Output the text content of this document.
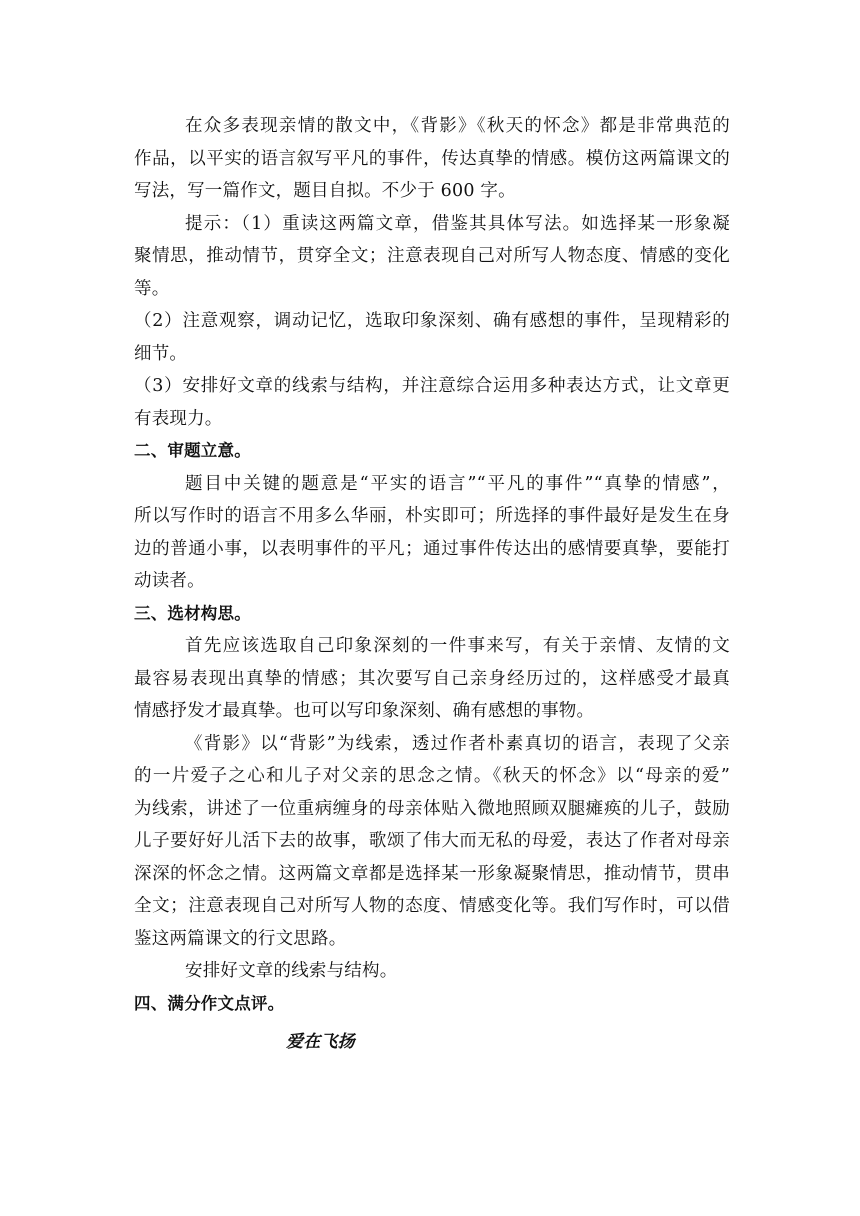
在众多表现亲情的散文中，《背影》《秋天的怀念》都是非常典范的
作品，以平实的语言叙写平凡的事件，传达真挚的情感。模仿这两篇课文的
写法，写一篇作文，题目自拟。不少于 600 字。
提示：（1）重读这两篇文章，借鉴其具体写法。如选择某一形象凝
聚情思，推动情节，贯穿全文；注意表现自己对所写人物态度、情感的变化
等。
（2）注意观察，调动记忆，选取印象深刻、确有感想的事件，呈现精彩的
细节。
（3）安排好文章的线索与结构，并注意综合运用多种表达方式，让文章更
有表现力。
二、审题立意。
题目中关键的题意是“平实的语言”“平凡的事件”“真挚的情感”，
所以写作时的语言不用多么华丽，朴实即可；所选择的事件最好是发生在身
边的普通小事，以表明事件的平凡；通过事件传达出的感情要真挚，要能打
动读者。
三、选材构思。
首先应该选取自己印象深刻的一件事来写，有关于亲情、友情的文
最容易表现出真挚的情感；其次要写自己亲身经历过的，这样感受才最真
情感抒发才最真挚。也可以写印象深刻、确有感想的事物。
《背影》以“背影”为线索，透过作者朴素真切的语言，表现了父亲
的一片爱子之心和儿子对父亲的思念之情。《秋天的怀念》以“母亲的爱”
为线索，讲述了一位重病缠身的母亲体贴入微地照顾双腿瘫痪的儿子，鼓励
儿子要好好儿活下去的故事，歌颂了伟大而无私的母爱，表达了作者对母亲
深深的怀念之情。这两篇文章都是选择某一形象凝聚情思，推动情节，贯串
全文；注意表现自己对所写人物的态度、情感变化等。我们写作时，可以借
鉴这两篇课文的行文思路。
安排好文章的线索与结构。
四、满分作文点评。
爱在飞扬
